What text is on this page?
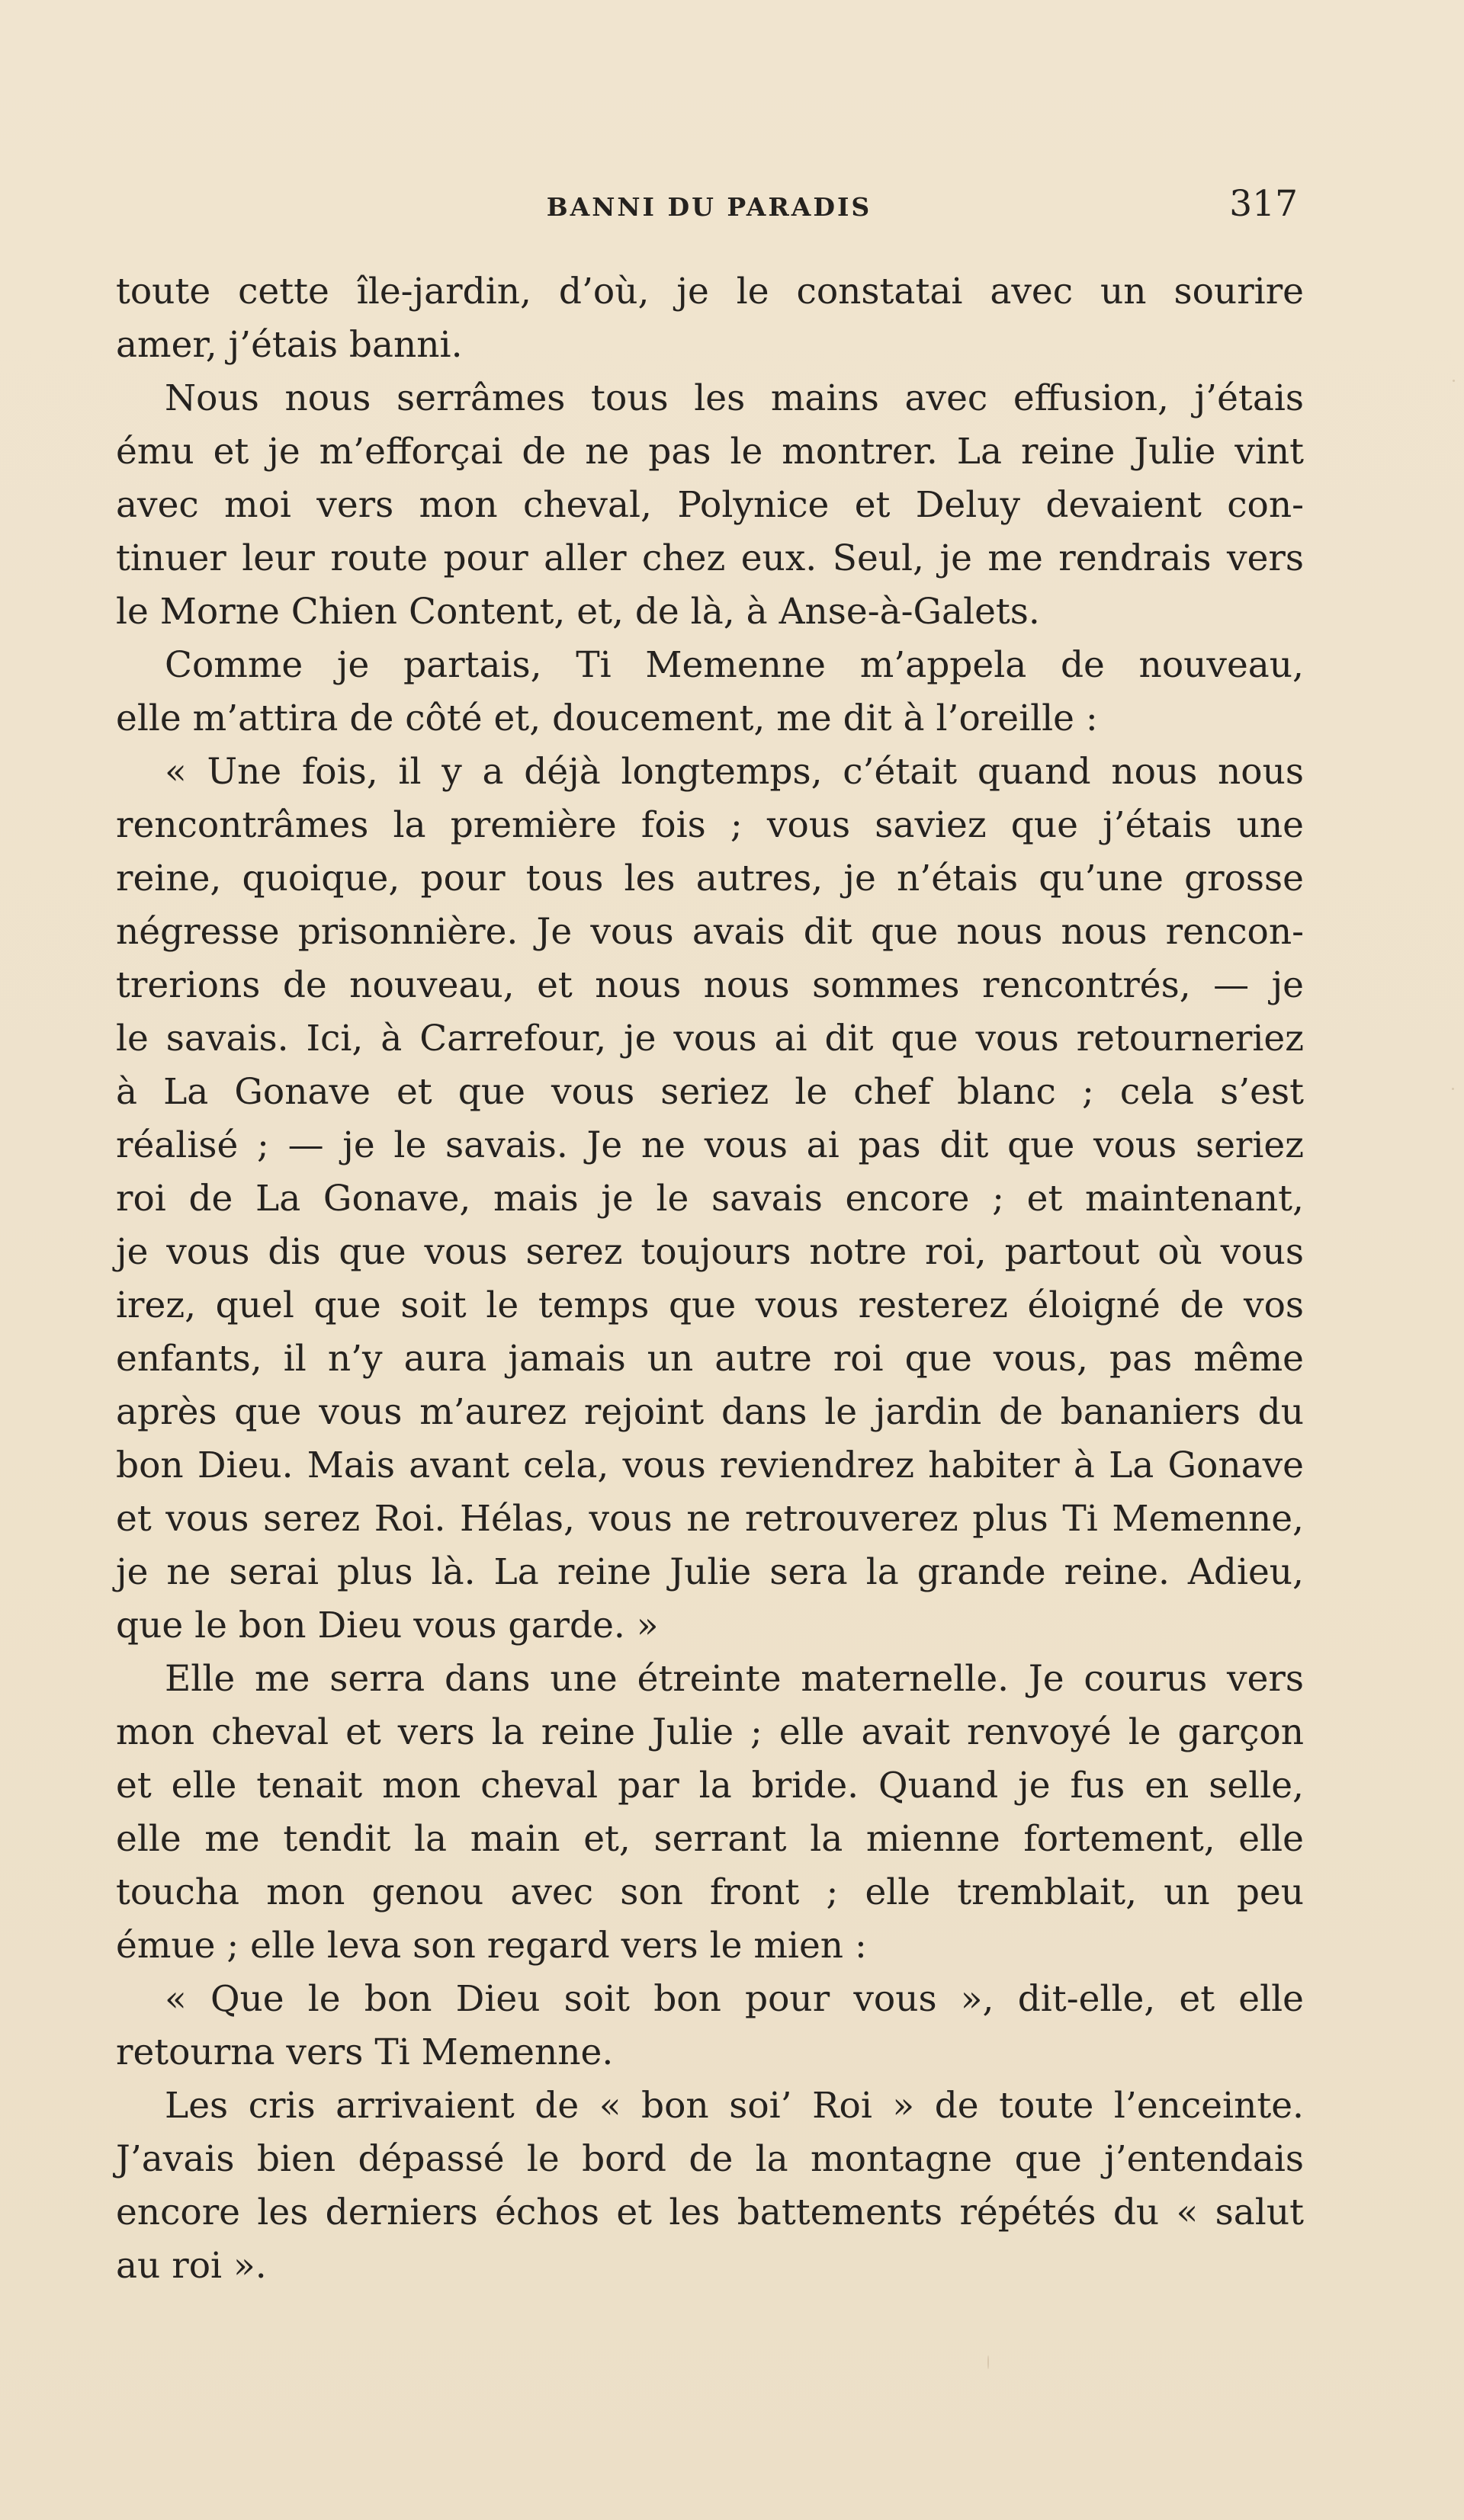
BANNI DU PARADIS	317
toute cette île-jardin, d’où, je le constatai avec un sourire
amer, j’étais banni.
Nous nous serrâmes tous les mains avec effusion, j’étais
ému et je m’efforçai de ne pas le montrer. La reine Julie vint
avec moi vers mon cheval, Polynice et Deluy devaient con-
tinuer leur route pour aller chez eux. Seul, je me rendrais vers
le Morne Chien Content, et, de là, à Anse-à-Galets.
Comme je partais, Ti Memenne m’appela de nouveau,
elle m’attira de côté et, doucement, me dit à l’oreille :
« Une fois, il y a déjà longtemps, c’était quand nous nous
rencontrâmes la première fois ; vous saviez que j’étais une
reine, quoique, pour tous les autres, je n’étais qu’une grosse
négresse prisonnière. Je vous avais dit que nous nous rencon-
trerions de nouveau, et nous nous sommes rencontrés, — je
le savais. Ici, à Carrefour, je vous ai dit que vous retourneriez
à La Gonave et que vous seriez le chef blanc ; cela s’est
réalisé ; — je le savais. Je ne vous ai pas dit que vous seriez
roi de La Gonave, mais je le savais encore ; et maintenant,
je vous dis que vous serez toujours notre roi, partout où vous
irez, quel que soit le temps que vous resterez éloigné de vos
enfants, il n’y aura jamais un autre roi que vous, pas même
après que vous m’aurez rejoint dans le jardin de bananiers du
bon Dieu. Mais avant cela, vous reviendrez habiter à La Gonave
et vous serez Roi. Hélas, vous ne retrouverez plus Ti Memenne,
je ne serai plus là. La reine Julie sera la grande reine. Adieu,
que le bon Dieu vous garde. »
Elle me serra dans une étreinte maternelle. Je courus vers
mon cheval et vers la reine Julie ; elle avait renvoyé le garçon
et elle tenait mon cheval par la bride. Quand je fus en selle,
elle me tendit la main et, serrant la mienne fortement, elle
toucha mon genou avec son front ; elle tremblait, un peu
émue ; elle leva son regard vers le mien :
« Que le bon Dieu soit bon pour vous », dit-elle, et elle
retourna vers Ti Memenne.
Les cris arrivaient de « bon soi’ Roi » de toute l’enceinte.
J’avais bien dépassé le bord de la montagne que j’entendais
encore les derniers échos et les battements répétés du « salut
au roi ».
